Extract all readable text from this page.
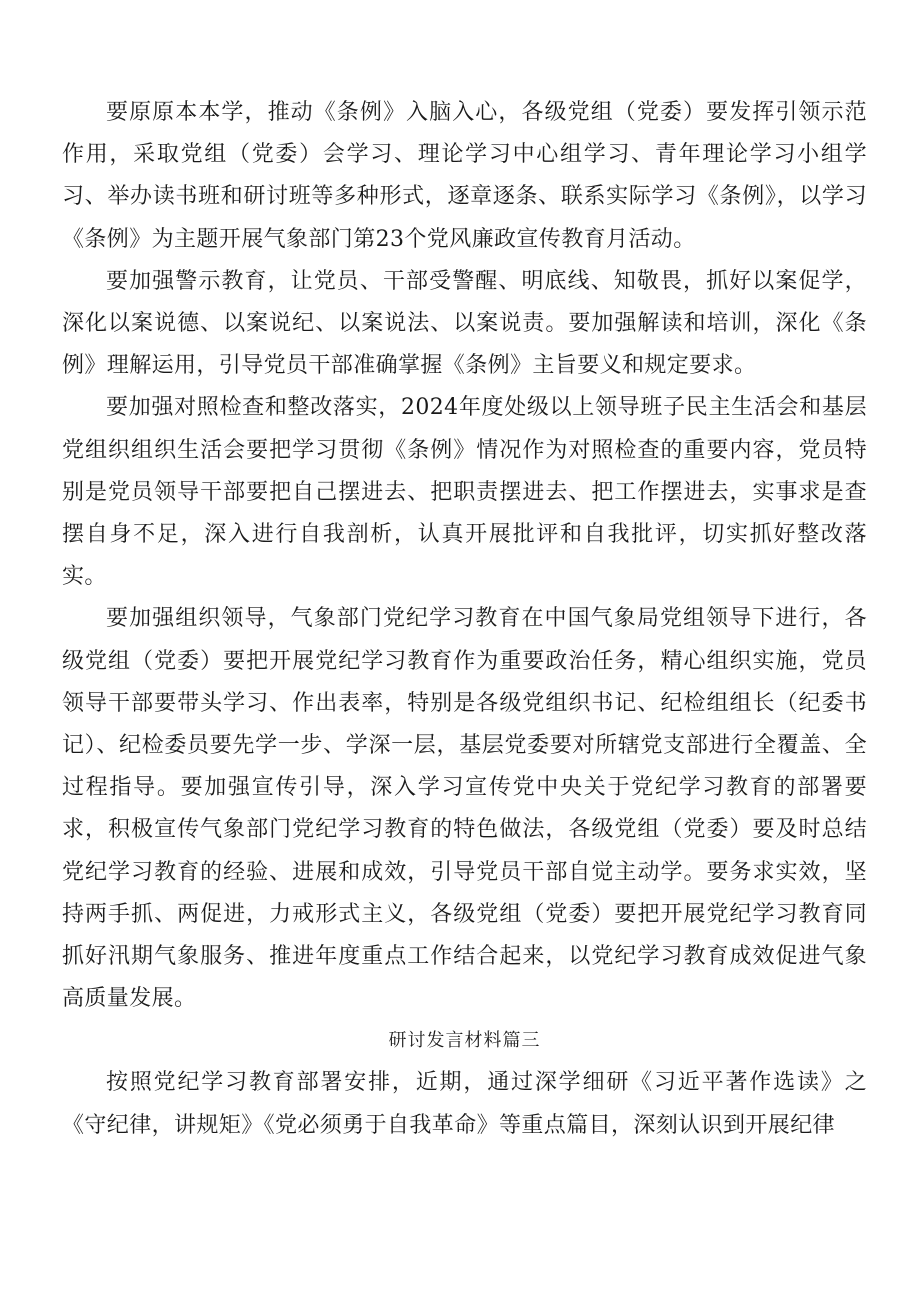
要原原本本学，推动《条例》入脑入心，各级党组（党委）要发挥引领示范作用，采取党组（党委）会学习、理论学习中心组学习、青年理论学习小组学习、举办读书班和研讨班等多种形式，逐章逐条、联系实际学习《条例》，以学习《条例》为主题开展气象部门第23个党风廉政宣传教育月活动。

要加强警示教育，让党员、干部受警醒、明底线、知敬畏，抓好以案促学，深化以案说德、以案说纪、以案说法、以案说责。要加强解读和培训，深化《条例》理解运用，引导党员干部准确掌握《条例》主旨要义和规定要求。

要加强对照检查和整改落实，2024年度处级以上领导班子民主生活会和基层党组织组织生活会要把学习贯彻《条例》情况作为对照检查的重要内容，党员特别是党员领导干部要把自己摆进去、把职责摆进去、把工作摆进去，实事求是查摆自身不足，深入进行自我剖析，认真开展批评和自我批评，切实抓好整改落实。

要加强组织领导，气象部门党纪学习教育在中国气象局党组领导下进行，各级党组（党委）要把开展党纪学习教育作为重要政治任务，精心组织实施，党员领导干部要带头学习、作出表率，特别是各级党组织书记、纪检组组长（纪委书记）、纪检委员要先学一步、学深一层，基层党委要对所辖党支部进行全覆盖、全过程指导。要加强宣传引导，深入学习宣传党中央关于党纪学习教育的部署要求，积极宣传气象部门党纪学习教育的特色做法，各级党组（党委）要及时总结党纪学习教育的经验、进展和成效，引导党员干部自觉主动学。要务求实效，坚持两手抓、两促进，力戒形式主义，各级党组（党委）要把开展党纪学习教育同抓好汛期气象服务、推进年度重点工作结合起来，以党纪学习教育成效促进气象高质量发展。

研讨发言材料篇三

按照党纪学习教育部署安排，近期，通过深学细研《习近平著作选读》之《守纪律，讲规矩》《党必须勇于自我革命》等重点篇目，深刻认识到开展纪律
